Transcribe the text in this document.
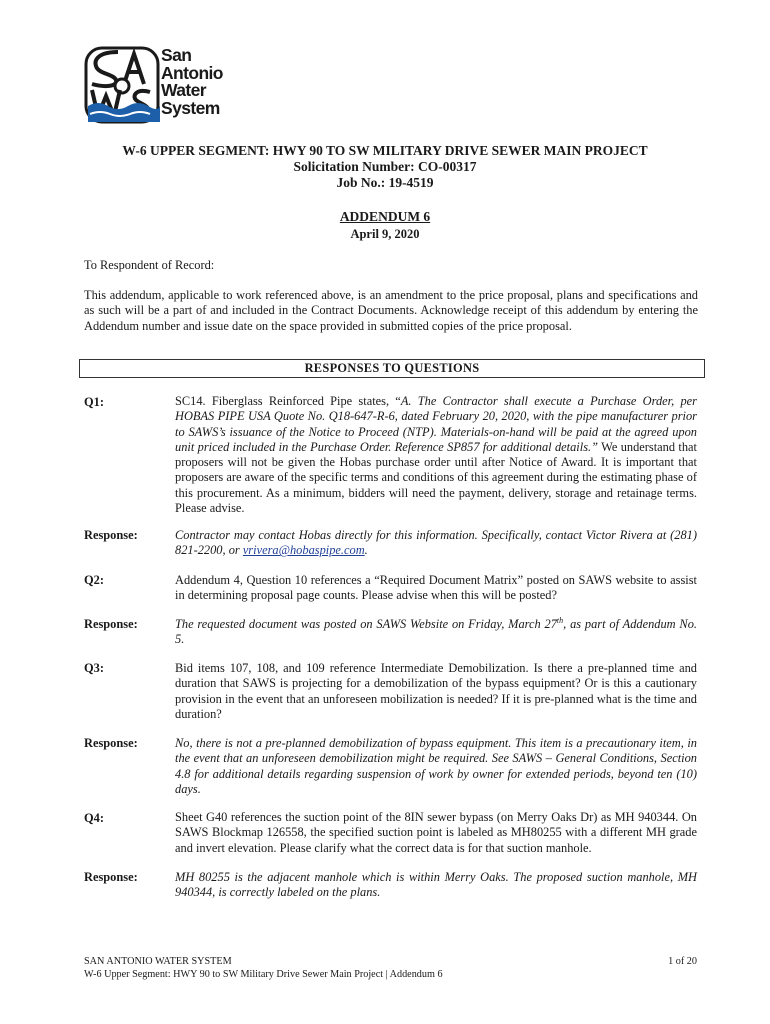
San
Antonio
Water
System
W-6 UPPER SEGMENT: HWY 90 TO SW MILITARY DRIVE SEWER MAIN PROJECT
Solicitation Number: CO-00317
Job No.: 19-4519
ADDENDUM 6
April 9, 2020
To Respondent of Record:
This addendum, applicable to work referenced above, is an amendment to the price proposal, plans and specifications and as such will be a part of and included in the Contract Documents. Acknowledge receipt of this addendum by entering the Addendum number and issue date on the space provided in submitted copies of the price proposal.
RESPONSES TO QUESTIONS
Q1:	SC14. Fiberglass Reinforced Pipe states, “A. The Contractor shall execute a Purchase Order, per HOBAS PIPE USA Quote No. Q18-647-R-6, dated February 20, 2020, with the pipe manufacturer prior to SAWS’s issuance of the Notice to Proceed (NTP). Materials-on-hand will be paid at the agreed upon unit priced included in the Purchase Order. Reference SP857 for additional details.” We understand that proposers will not be given the Hobas purchase order until after Notice of Award. It is important that proposers are aware of the specific terms and conditions of this agreement during the estimating phase of this procurement. As a minimum, bidders will need the payment, delivery, storage and retainage terms. Please advise.
Response:	Contractor may contact Hobas directly for this information. Specifically, contact Victor Rivera at (281) 821-2200, or vrivera@hobaspipe.com.
Q2:	Addendum 4, Question 10 references a “Required Document Matrix” posted on SAWS website to assist in determining proposal page counts. Please advise when this will be posted?
Response:	The requested document was posted on SAWS Website on Friday, March 27th, as part of Addendum No. 5.
Q3:	Bid items 107, 108, and 109 reference Intermediate Demobilization. Is there a pre-planned time and duration that SAWS is projecting for a demobilization of the bypass equipment? Or is this a cautionary provision in the event that an unforeseen mobilization is needed? If it is pre-planned what is the time and duration?
Response:	No, there is not a pre-planned demobilization of bypass equipment. This item is a precautionary item, in the event that an unforeseen demobilization might be required. See SAWS – General Conditions, Section 4.8 for additional details regarding suspension of work by owner for extended periods, beyond ten (10) days.
Q4:	Sheet G40 references the suction point of the 8IN sewer bypass (on Merry Oaks Dr) as MH 940344. On SAWS Blockmap 126558, the specified suction point is labeled as MH80255 with a different MH grade and invert elevation. Please clarify what the correct data is for that suction manhole.
Response:	MH 80255 is the adjacent manhole which is within Merry Oaks. The proposed suction manhole, MH 940344, is correctly labeled on the plans.
SAN ANTONIO WATER SYSTEM
W-6 Upper Segment: HWY 90 to SW Military Drive Sewer Main Project | Addendum 6
1 of 20
